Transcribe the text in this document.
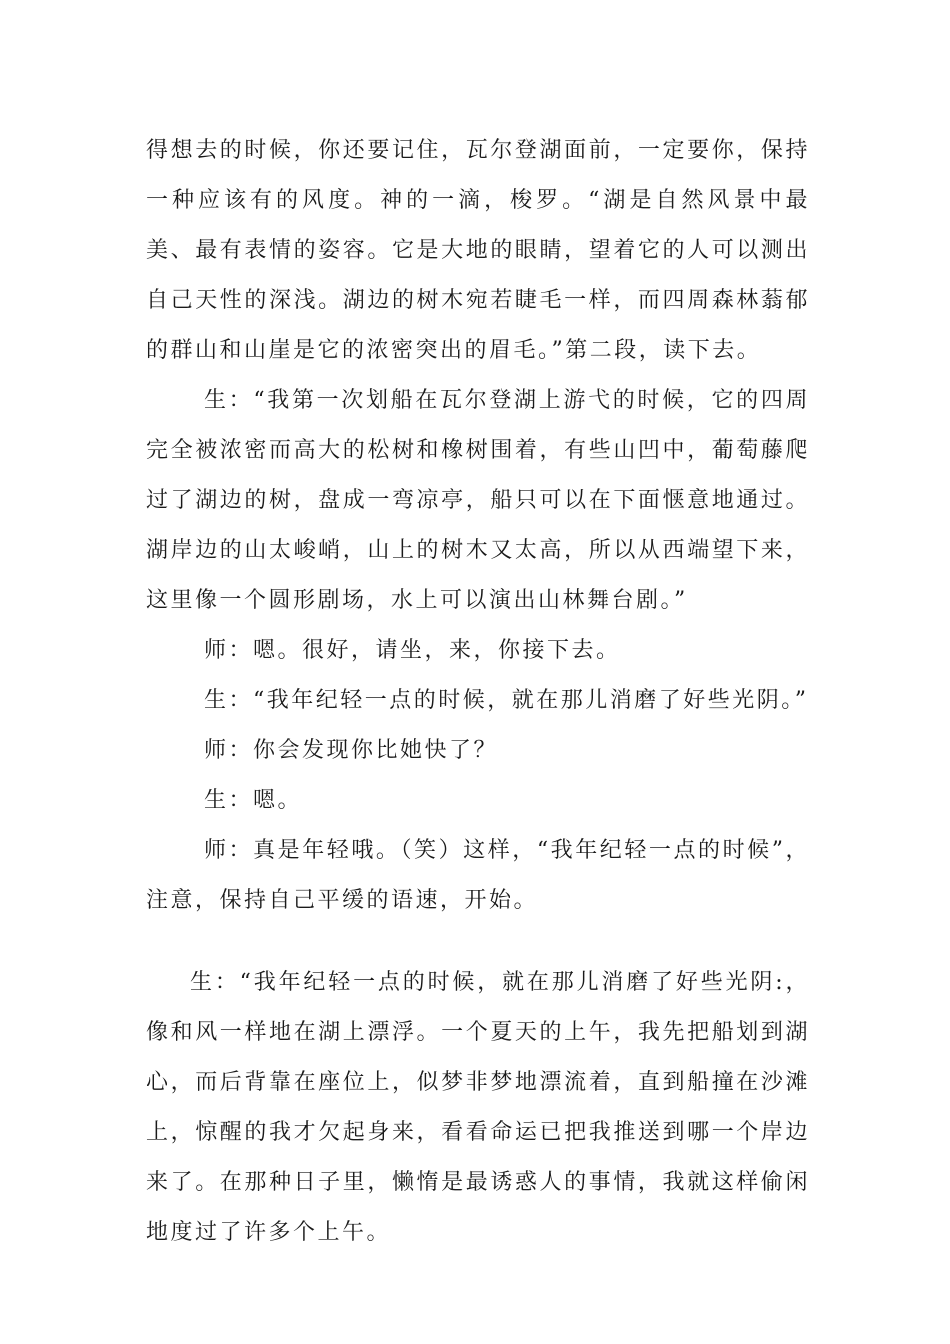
得想去的时候，你还要记住，瓦尔登湖面前，一定要你，保持一种应该有的风度。神的一滴，梭罗。“湖是自然风景中最美、最有表情的姿容。它是大地的眼睛，望着它的人可以测出自己天性的深浅。湖边的树木宛若睫毛一样，而四周森林蓊郁的群山和山崖是它的浓密突出的眉毛。”第二段，读下去。

生：“我第一次划船在瓦尔登湖上游弋的时候，它的四周完全被浓密而高大的松树和橡树围着，有些山凹中，葡萄藤爬过了湖边的树，盘成一弯凉亭，船只可以在下面惬意地通过。湖岸边的山太峻峭，山上的树木又太高，所以从西端望下来，这里像一个圆形剧场，水上可以演出山林舞台剧。”

师：嗯。很好，请坐，来，你接下去。

生：“我年纪轻一点的时候，就在那儿消磨了好些光阴。”

师：你会发现你比她快了？

生：嗯。

师：真是年轻哦。（笑）这样，“我年纪轻一点的时候”，注意，保持自己平缓的语速，开始。

生：“我年纪轻一点的时候，就在那儿消磨了好些光阴:，像和风一样地在湖上漂浮。一个夏天的上午，我先把船划到湖心，而后背靠在座位上，似梦非梦地漂流着，直到船撞在沙滩上，惊醒的我才欠起身来，看看命运已把我推送到哪一个岸边来了。在那种日子里，懒惰是最诱惑人的事情，我就这样偷闲地度过了许多个上午。
